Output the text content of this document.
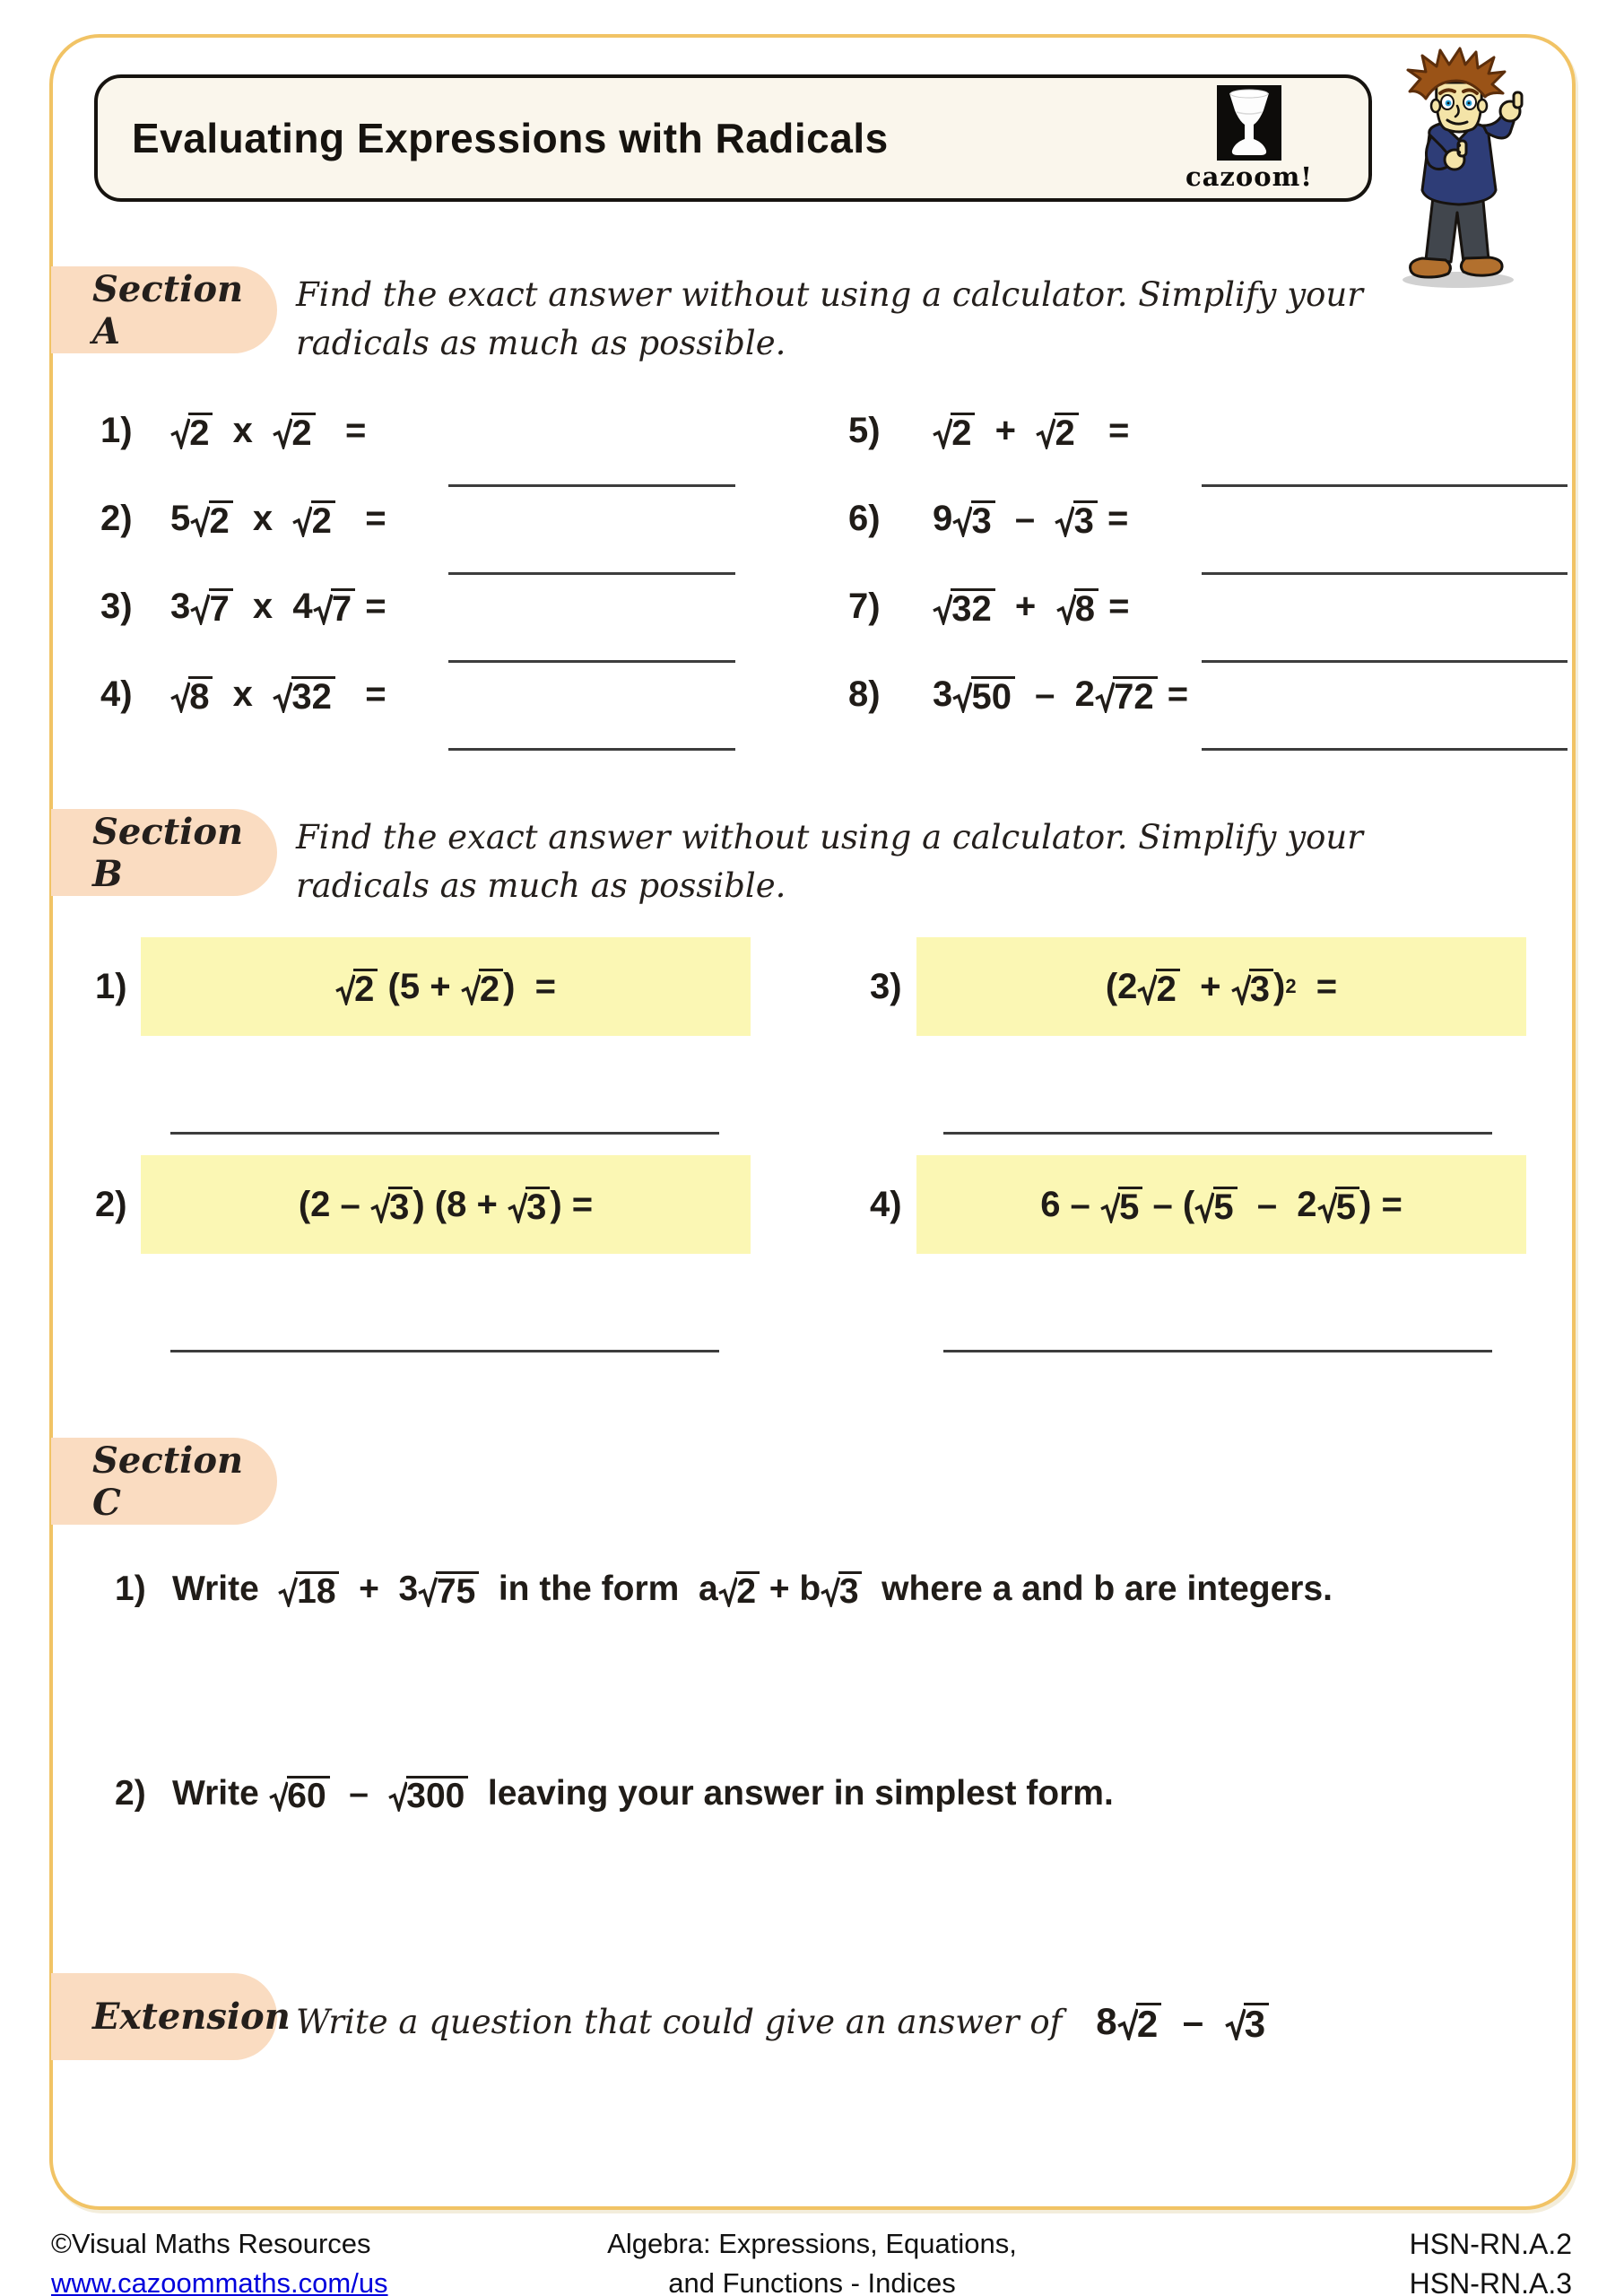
Evaluating Expressions with Radicals
cazoom!
Section A
Find the exact answer without using a calculator. Simplify your
radicals as much as possible.
1)	2 x 2 =
2)	5 2 x 2 =
3)	3 7 x 4 7 =
4)	8 x 32 =
5)	2 + 2 =
6)	9 3 – 3 =
7)	32 + 8 =
8)	3 50 – 2 72 =
Section B
Find the exact answer without using a calculator. Simplify your
radicals as much as possible.
1)	2 (5 + 2 )  =	3)	(2 2 + 3 ) 2 =
2)	(2 – 3 ) (8 + 3 ) =	4)	6 – 5 – ( 5 –  2 5 ) =
Section C
1) Write 18 +  3 75 in the form  a 2 + b 3 where a and b are integers.
2) Write 60 – 300 leaving your answer in simplest form.
Extension Write a question that could give an answer of 8 2 – 3
©Visual Maths Resources
www.cazoommaths.com/us
Algebra: Expressions, Equations,
and Functions - Indices
HSN-RN.A.2
HSN-RN.A.3
